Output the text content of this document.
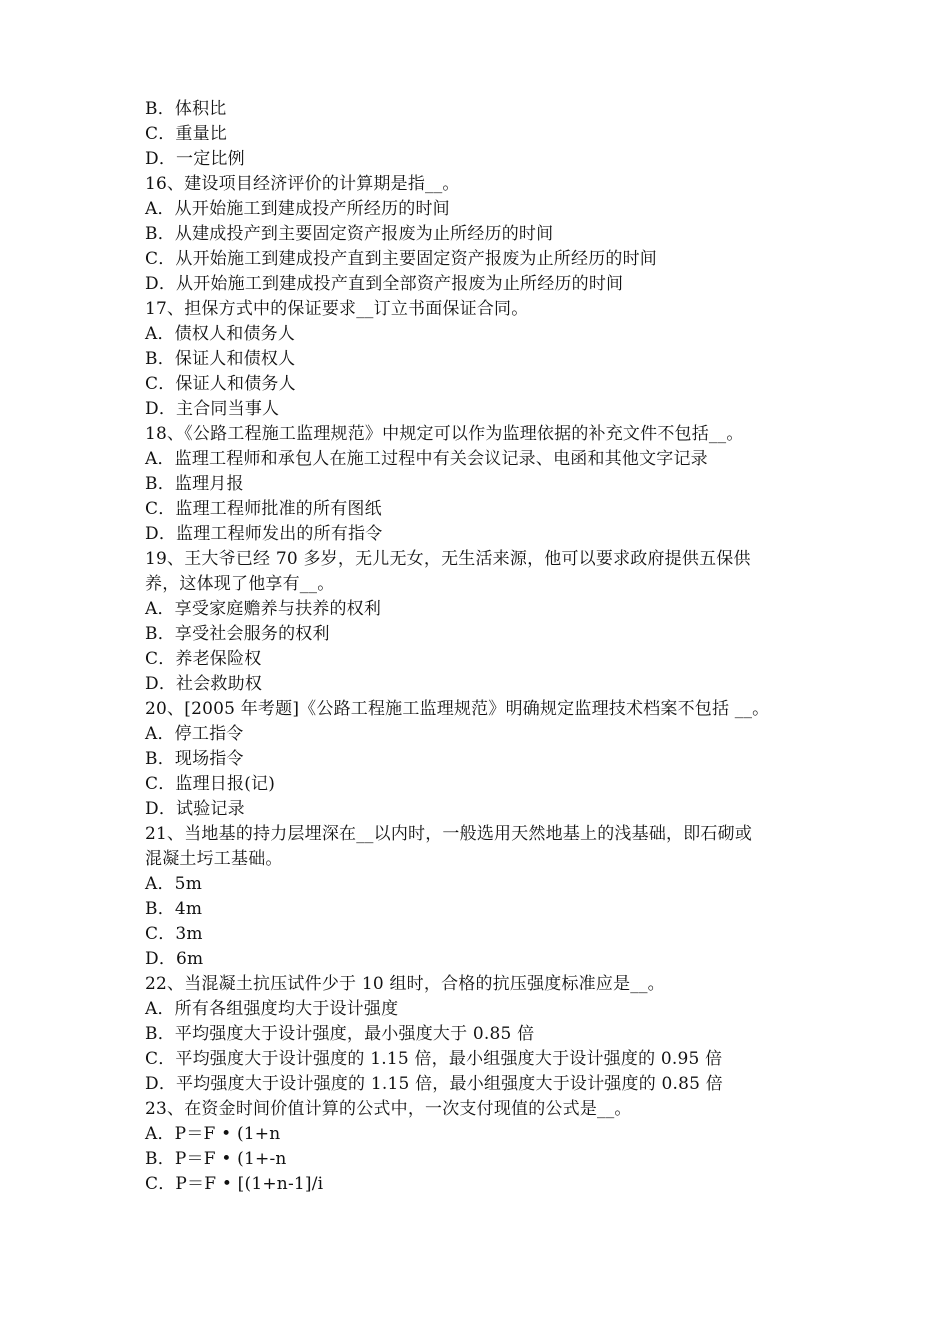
B．体积比
C．重量比
D．一定比例
16、建设项目经济评价的计算期是指__。
A．从开始施工到建成投产所经历的时间
B．从建成投产到主要固定资产报废为止所经历的时间
C．从开始施工到建成投产直到主要固定资产报废为止所经历的时间
D．从开始施工到建成投产直到全部资产报废为止所经历的时间
17、担保方式中的保证要求__订立书面保证合同。
A．债权人和债务人
B．保证人和债权人
C．保证人和债务人
D．主合同当事人
18、《公路工程施工监理规范》中规定可以作为监理依据的补充文件不包括__。
A．监理工程师和承包人在施工过程中有关会议记录、电函和其他文字记录
B．监理月报
C．监理工程师批准的所有图纸
D．监理工程师发出的所有指令
19、王大爷已经 70 多岁，无儿无女，无生活来源，他可以要求政府提供五保供
养，这体现了他享有__。
A．享受家庭赡养与扶养的权利
B．享受社会服务的权利
C．养老保险权
D．社会救助权
20、[2005 年考题]《公路工程施工监理规范》明确规定监理技术档案不包括 __。
A．停工指令
B．现场指令
C．监理日报(记)
D．试验记录
21、当地基的持力层埋深在__以内时，一般选用天然地基上的浅基础，即石砌或
混凝土圬工基础。
A．5m
B．4m
C．3m
D．6m
22、当混凝土抗压试件少于 10 组时，合格的抗压强度标准应是__。
A．所有各组强度均大于设计强度
B．平均强度大于设计强度，最小强度大于 0.85 倍
C．平均强度大于设计强度的 1.15 倍，最小组强度大于设计强度的 0.95 倍
D．平均强度大于设计强度的 1.15 倍，最小组强度大于设计强度的 0.85 倍
23、在资金时间价值计算的公式中，一次支付现值的公式是__。
A．P＝F • (1+n
B．P＝F • (1+-n
C．P＝F • [(1+n-1]/i
